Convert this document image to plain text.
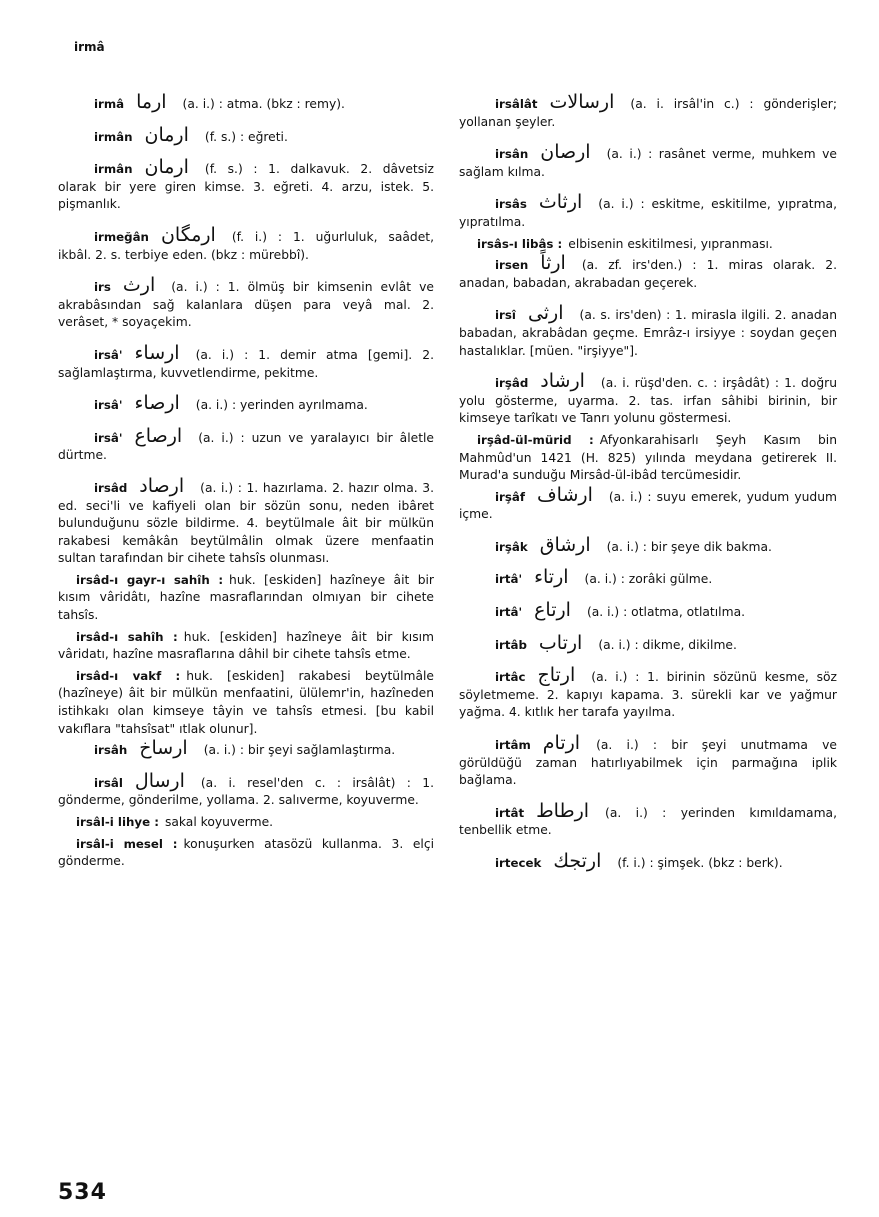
irmâ
irmâ ارما (a. i.) : atma. (bkz : remy).
irmân ارمان (f. s.) : eğreti.
irmân ارمان (f. s.) : 1. dalkavuk. 2. dâvetsiz olarak bir yere giren kimse. 3. eğreti. 4. arzu, istek. 5. pişmanlık.
irmeğân ارمگان (f. i.) : 1. uğurluluk, saâdet, ikbâl. 2. s. terbiye eden. (bkz : mürebbî).
irs ارث (a. i.) : 1. ölmüş bir kimsenin evlât ve akrabâsından sağ kalanlara düşen para veyâ mal. 2. verâset, * soyaçekim.
irsâ' ارساء (a. i.) : 1. demir atma [gemi]. 2. sağlamlaştırma, kuvvetlendirme, pekitme.
irsâ' ارصاء (a. i.) : yerinden ayrılmama.
irsâ' ارصاع (a. i.) : uzun ve yaralayıcı bir âletle dürtme.
irsâd ارصاد (a. i.) : 1. hazırlama. 2. hazır olma. 3. ed. seci'li ve kafiyeli olan bir sözün sonu, neden ibâret bulunduğunu sözle bildirme. 4. beytülmale âit bir mülkün rakabesi kemâkân beytülmâlin olmak üzere menfaatin sultan tarafından bir cihete tahsîs olunması.
irsâd-ı gayr-ı sahîh : huk. [eskiden] hazîneye âit bir kısım vâridâtı, hazîne masraflarından olmıyan bir cihete tahsîs.
irsâd-ı sahîh : huk. [eskiden] hazîneye âit bir kısım vâridatı, hazîne masraflarına dâhil bir cihete tahsîs etme.
irsâd-ı vakf : huk. [eskiden] rakabesi beytülmâle (hazîneye) âit bir mülkün menfaatini, ülülemr'in, hazîneden istihkakı olan kimseye tâyin ve tahsîs etmesi. [bu kabil vakıflara "tahsîsat" ıtlak olunur].
irsâh ارساخ (a. i.) : bir şeyi sağlamlaştırma.
irsâl ارسال (a. i. resel'den c. : irsâlât) : 1. gönderme, gönderilme, yollama. 2. salıverme, koyuverme.
irsâl-i lihye : sakal koyuverme.
irsâl-i mesel : konuşurken atasözü kullanma. 3. elçi gönderme.
irsâlât ارسالات (a. i. irsâl'in c.) : gönderişler; yollanan şeyler.
irsân ارصان (a. i.) : rasânet verme, muhkem ve sağlam kılma.
irsâs ارثاث (a. i.) : eskitme, eskitilme, yıpratma, yıpratılma.
irsâs-ı libâs : elbisenin eskitilmesi, yıpranması.
irsen ارثاً (a. zf. irs'den.) : 1. miras olarak. 2. anadan, babadan, akrabadan geçerek.
irsî ارثى (a. s. irs'den) : 1. mirasla ilgili. 2. anadan babadan, akrabâdan geçme. Emrâz-ı irsiyye : soydan geçen hastalıklar. [müen. "irşiyye"].
irşâd ارشاد (a. i. rüşd'den. c. : irşâdât) : 1. doğru yolu gösterme, uyarma. 2. tas. irfan sâhibi birinin, bir kimseye tarîkatı ve Tanrı yolunu göstermesi.
irşâd-ül-mürid : Afyonkarahisarlı Şeyh Kasım bin Mahmûd'un 1421 (H. 825) yılında meydana getirerek II. Murad'a sunduğu Mirsâd-ül-ibâd tercümesidir.
irşâf ارشاف (a. i.) : suyu emerek, yudum yudum içme.
irşâk ارشاق (a. i.) : bir şeye dik bakma.
irtâ' ارتاء (a. i.) : zorâki gülme.
irtâ' ارتاع (a. i.) : otlatma, otlatılma.
irtâb ارتاب (a. i.) : dikme, dikilme.
irtâc ارتاج (a. i.) : 1. birinin sözünü kesme, söz söyletmeme. 2. kapıyı kapama. 3. sürekli kar ve yağmur yağma. 4. kıtlık her tarafa yayılma.
irtâm ارتام (a. i.) : bir şeyi unutmama ve görüldüğü zaman hatırlıyabilmek için parmağına iplik bağlama.
irtât ارطاط (a. i.) : yerinden kımıldamama, tenbellik etme.
irtecek ارتجك (f. i.) : şimşek. (bkz : berk).
534
